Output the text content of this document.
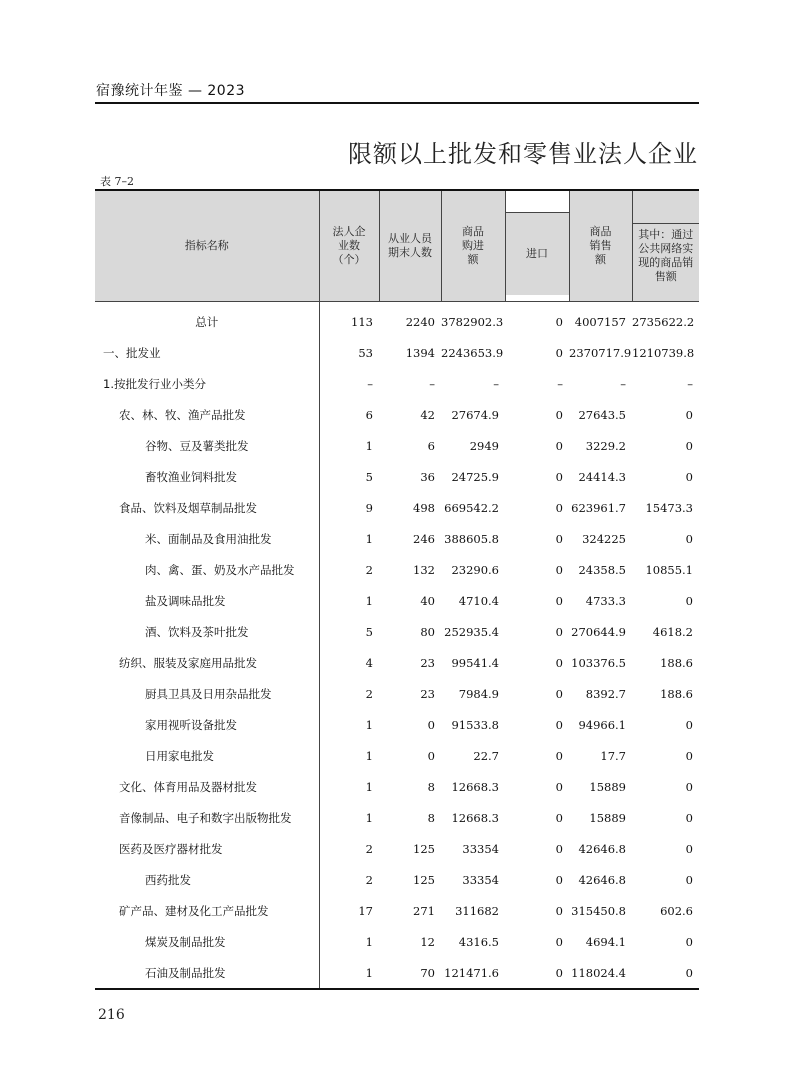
宿豫统计年鉴 — 2023
限额以上批发和零售业法人企业
表 7–2
指标名称	法人企业数（个）	从业人员期末人数	商品购进额	进口	商品销售额	其中：通过公共网络实现的商品销售额

总计	113	2240	3782902.3	0	4007157	2735622.2
一、批发业	53	1394	2243653.9	0	2370717.9	1210739.8
1.按批发行业小类分	–	–	–	–	–	–
农、林、牧、渔产品批发	6	42	27674.9	0	27643.5	0
谷物、豆及薯类批发	1	6	2949	0	3229.2	0
畜牧渔业饲料批发	5	36	24725.9	0	24414.3	0
食品、饮料及烟草制品批发	9	498	669542.2	0	623961.7	15473.3
米、面制品及食用油批发	1	246	388605.8	0	324225	0
肉、禽、蛋、奶及水产品批发	2	132	23290.6	0	24358.5	10855.1
盐及调味品批发	1	40	4710.4	0	4733.3	0
酒、饮料及茶叶批发	5	80	252935.4	0	270644.9	4618.2
纺织、服装及家庭用品批发	4	23	99541.4	0	103376.5	188.6
厨具卫具及日用杂品批发	2	23	7984.9	0	8392.7	188.6
家用视听设备批发	1	0	91533.8	0	94966.1	0
日用家电批发	1	0	22.7	0	17.7	0
文化、体育用品及器材批发	1	8	12668.3	0	15889	0
音像制品、电子和数字出版物批发	1	8	12668.3	0	15889	0
医药及医疗器材批发	2	125	33354	0	42646.8	0
西药批发	2	125	33354	0	42646.8	0
矿产品、建材及化工产品批发	17	271	311682	0	315450.8	602.6
煤炭及制品批发	1	12	4316.5	0	4694.1	0
石油及制品批发	1	70	121471.6	0	118024.4	0
216
